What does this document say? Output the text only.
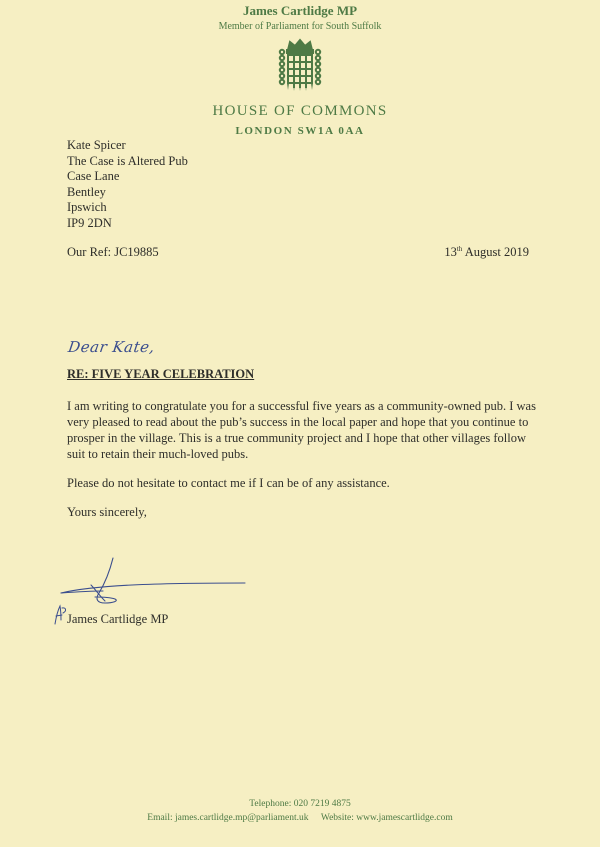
James Cartlidge MP
Member of Parliament for South Suffolk
HOUSE OF COMMONS
LONDON SW1A 0AA
Kate Spicer
The Case is Altered Pub
Case Lane
Bentley
Ipswich
IP9 2DN
Our Ref: JC19885	13th August 2019
Dear Kate,
RE: FIVE YEAR CELEBRATION
I am writing to congratulate you for a successful five years as a community-owned pub. I was very pleased to read about the pub’s success in the local paper and hope that you continue to prosper in the village. This is a true community project and I hope that other villages follow suit to retain their much-loved pubs.
Please do not hesitate to contact me if I can be of any assistance.
Yours sincerely,
James Cartlidge MP
Telephone: 020 7219 4875
Email: james.cartlidge.mp@parliament.uk Website: www.jamescartlidge.com
